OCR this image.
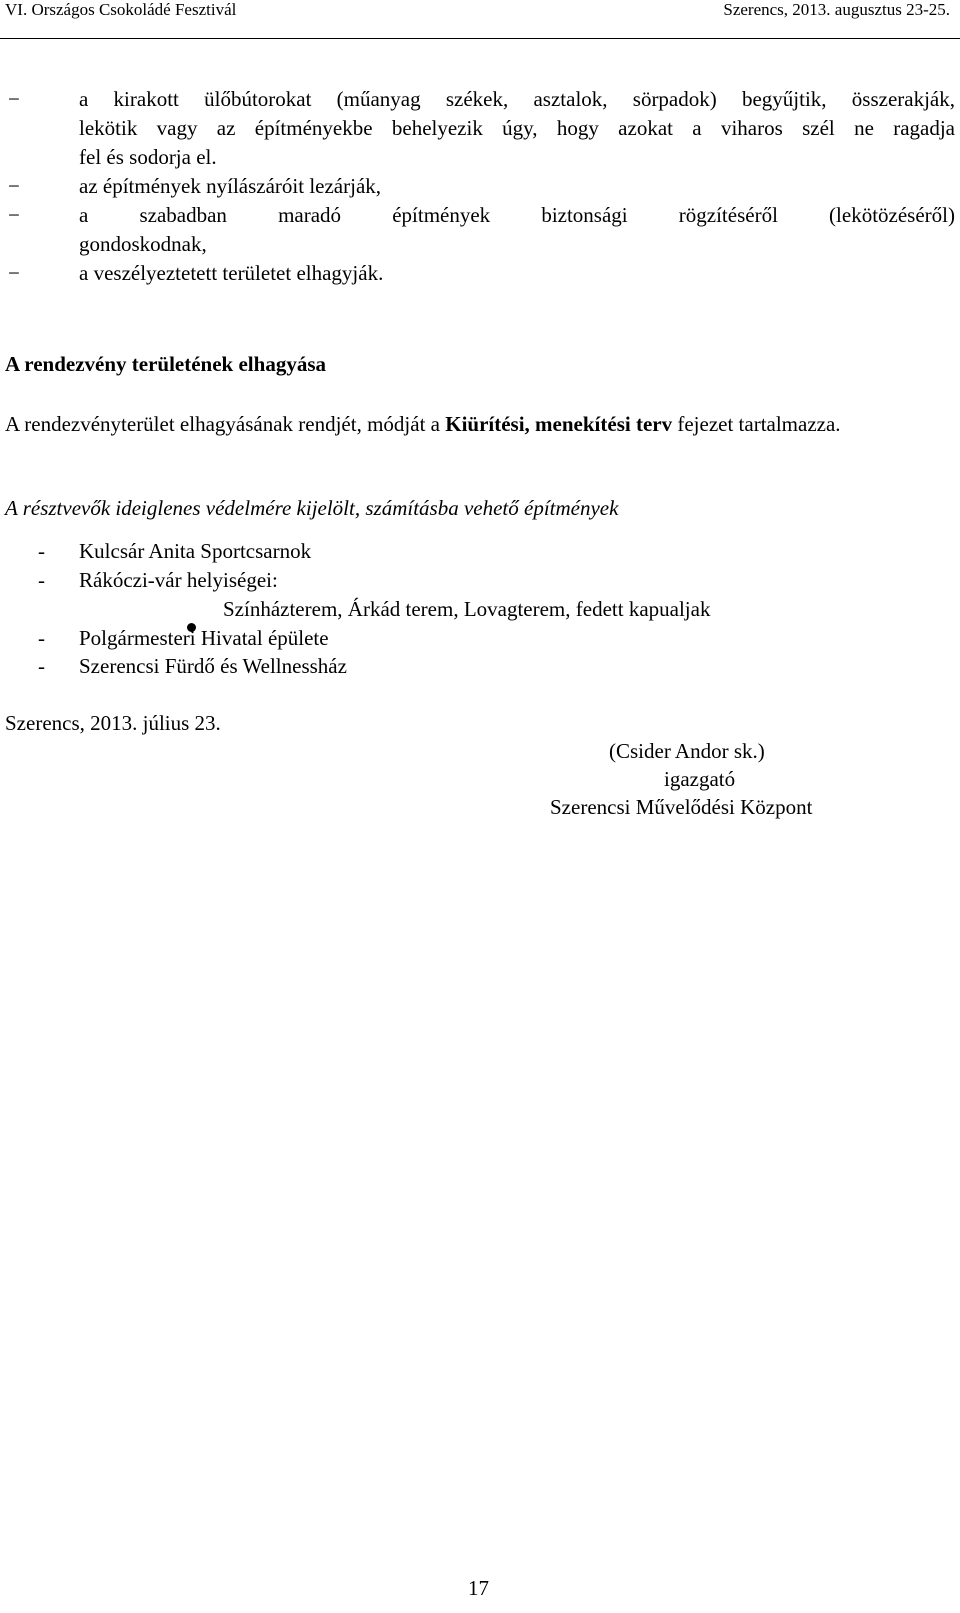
VI. Országos Csokoládé Fesztivál	Szerencs, 2013. augusztus 23-25.
−	a kirakott ülőbútorokat (műanyag székek, asztalok, sörpadok) begyűjtik, összerakják,
lekötik vagy az építményekbe behelyezik úgy, hogy azokat a viharos szél ne ragadja
fel és sodorja el.
−	az építmények nyílászáróit lezárják,
−	a szabadban maradó építmények biztonsági rögzítéséről (lekötözéséről)
gondoskodnak,
−	a veszélyeztetett területet elhagyják.
A rendezvény területének elhagyása
A rendezvényterület elhagyásának rendjét, módját a Kiürítési, menekítési terv fejezet tartalmazza.
A résztvevők ideiglenes védelmére kijelölt, számításba vehető építmények
- Kulcsár Anita Sportcsarnok
- Rákóczi-vár helyiségei:
Színházterem, Árkád terem, Lovagterem, fedett kapualjak
- Polgármesteri Hivatal épülete
- Szerencsi Fürdő és Wellnessház
Szerencs, 2013. július 23.
(Csider Andor sk.)
igazgató
Szerencsi Művelődési Központ
17
